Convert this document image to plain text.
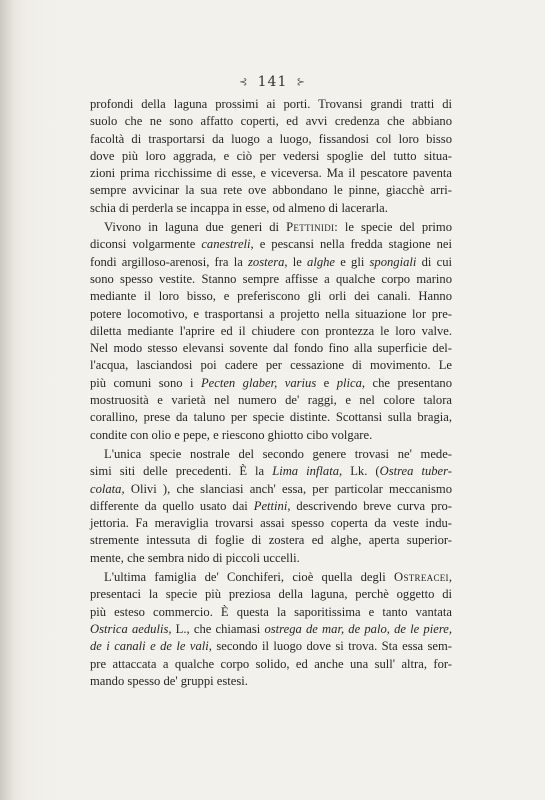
⊰ 141 ⊱
profondi della laguna prossimi ai porti. Trovansi grandi tratti di
suolo che ne sono affatto coperti, ed avvi credenza che abbiano
facoltà di trasportarsi da luogo a luogo, fissandosi col loro bisso
dove più loro aggrada, e ciò per vedersi spoglie del tutto situa-
zioni prima ricchissime di esse, e viceversa. Ma il pescatore paventa
sempre avvicinar la sua rete ove abbondano le pinne, giacchè arri-
schia di perderla se incappa in esse, od almeno di lacerarla.
Vivono in laguna due generi di Pettinidi: le specie del primo
diconsi volgarmente canestreli, e pescansi nella fredda stagione nei
fondi argilloso-arenosi, fra la zostera, le alghe e gli spongiali di cui
sono spesso vestite. Stanno sempre affisse a qualche corpo marino
mediante il loro bisso, e preferiscono gli orli dei canali. Hanno
potere locomotivo, e trasportansi a projetto nella situazione lor pre-
diletta mediante l'aprire ed il chiudere con prontezza le loro valve.
Nel modo stesso elevansi sovente dal fondo fino alla superficie del-
l'acqua, lasciandosi poi cadere per cessazione di movimento. Le
più comuni sono i Pecten glaber, varius e plica, che presentano
mostruosità e varietà nel numero de' raggi, e nel colore talora
corallino, prese da taluno per specie distinte. Scottansi sulla bragia,
condite con olio e pepe, e riescono ghiotto cibo volgare.
L'unica specie nostrale del secondo genere trovasi ne' mede-
simi siti delle precedenti. È la Lima inflata, Lk. (Ostrea tuber-
colata, Olivi ), che slanciasi anch' essa, per particolar meccanismo
differente da quello usato dai Pettini, descrivendo breve curva pro-
jettoria. Fa meraviglia trovarsi assai spesso coperta da veste indu-
stremente intessuta di foglie di zostera ed alghe, aperta superior-
mente, che sembra nido di piccoli uccelli.
L'ultima famiglia de' Conchiferi, cioè quella degli Ostreacei,
presentaci la specie più preziosa della laguna, perchè oggetto di
più esteso commercio. È questa la saporitissima e tanto vantata
Ostrica aedulis, L., che chiamasi ostrega de mar, de palo, de le piere,
de i canali e de le vali, secondo il luogo dove si trova. Sta essa sem-
pre attaccata a qualche corpo solido, ed anche una sull' altra, for-
mando spesso de' gruppi estesi.
